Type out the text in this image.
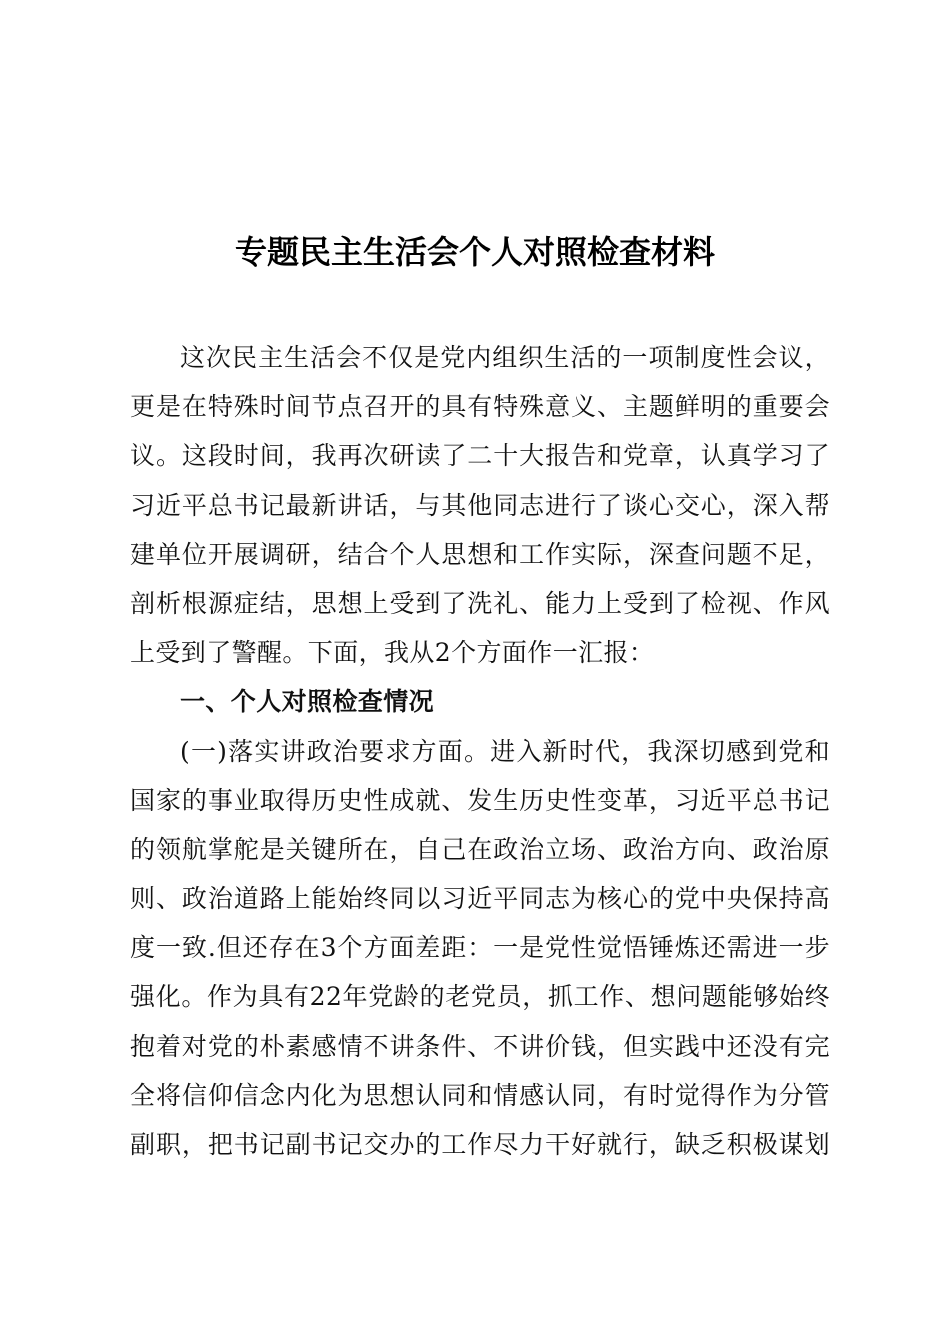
专题民主生活会个人对照检查材料
这次民主生活会不仅是党内组织生活的一项制度性会议，
更是在特殊时间节点召开的具有特殊意义、主题鲜明的重要会
议。这段时间，我再次研读了二十大报告和党章，认真学习了
习近平总书记最新讲话，与其他同志进行了谈心交心，深入帮
建单位开展调研，结合个人思想和工作实际，深查问题不足，
剖析根源症结，思想上受到了洗礼、能力上受到了检视、作风
上受到了警醒。下面，我从2个方面作一汇报：
一、个人对照检查情况
(一)落实讲政治要求方面。进入新时代，我深切感到党和
国家的事业取得历史性成就、发生历史性变革，习近平总书记
的领航掌舵是关键所在，自己在政治立场、政治方向、政治原
则、政治道路上能始终同以习近平同志为核心的党中央保持高
度一致.但还存在3个方面差距：一是党性觉悟锤炼还需进一步
强化。作为具有22年党龄的老党员，抓工作、想问题能够始终
抱着对党的朴素感情不讲条件、不讲价钱，但实践中还没有完
全将信仰信念内化为思想认同和情感认同，有时觉得作为分管
副职，把书记副书记交办的工作尽力干好就行，缺乏积极谋划
